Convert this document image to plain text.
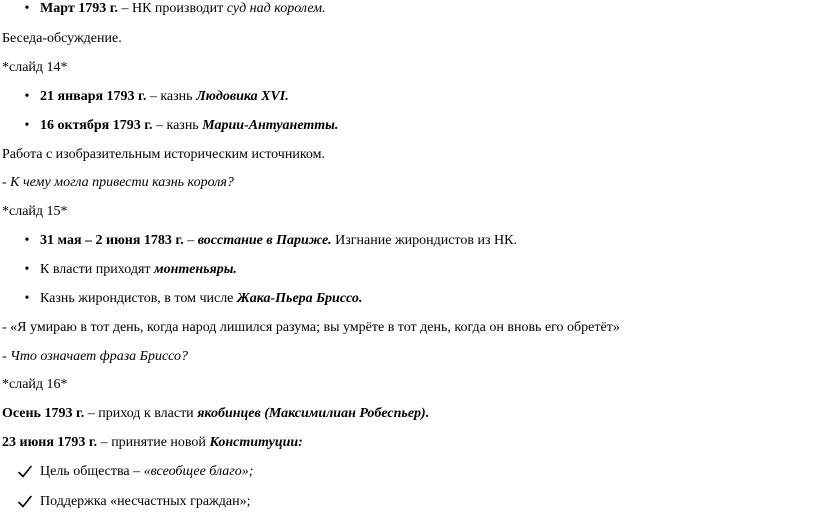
• Март 1793 г. – НК производит суд над королем.
Беседа-обсуждение.
*слайд 14*
• 21 января 1793 г. – казнь Людовика XVI.
• 16 октября 1793 г. – казнь Марии-Антуанетты.
Работа с изобразительным историческим источником.
- К чему могла привести казнь короля?
*слайд 15*
• 31 мая – 2 июня 1783 г. – восстание в Париже. Изгнание жирондистов из НК.
• К власти приходят монтеньяры.
• Казнь жирондистов, в том числе Жака-Пьера Бриссо.
- «Я умираю в тот день, когда народ лишился разума; вы умрёте в тот день, когда он вновь его обретёт»
- Что означает фраза Бриссо?
*слайд 16*
Осень 1793 г. – приход к власти якобинцев (Максимилиан Робеспьер).
23 июня 1793 г. – принятие новой Конституции:
Цель общества – «всеобщее благо»;
Поддержка «несчастных граждан»;
